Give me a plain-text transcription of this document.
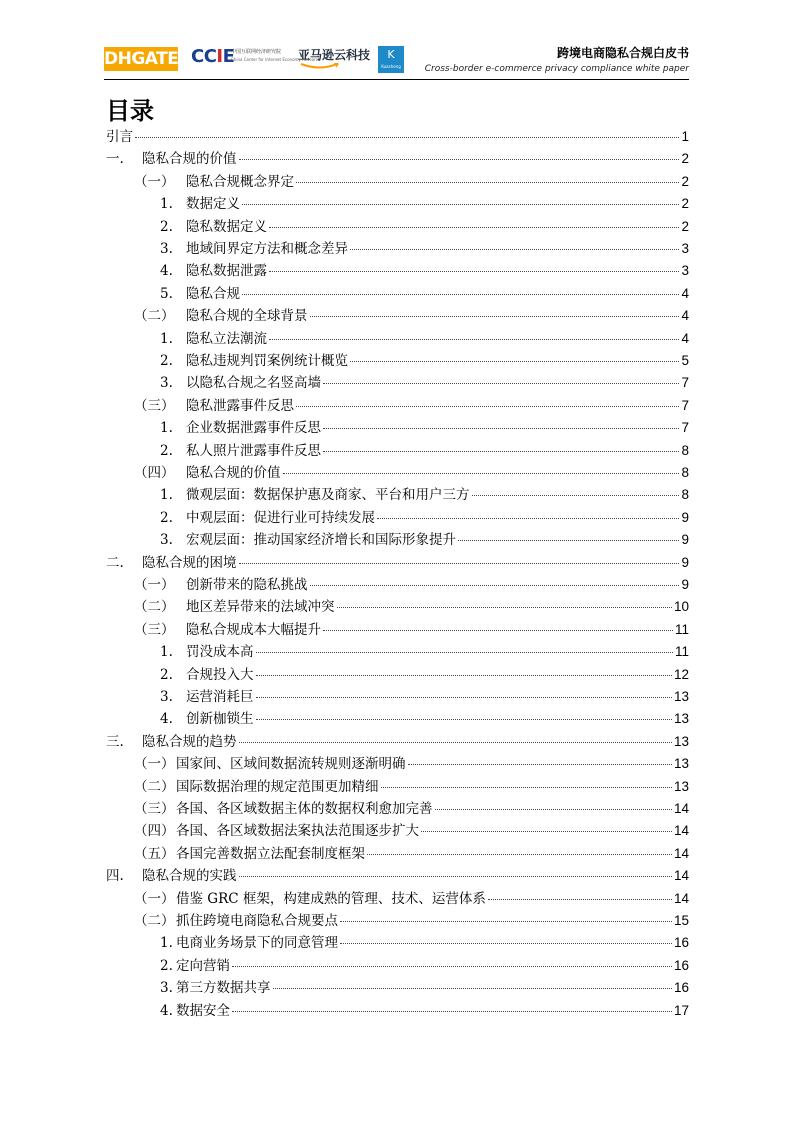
DHGATE CCIE
中国互联网经济研究院
China Center for Internet Economy Research
亚马逊云科技	K
Kuasheng
跨境电商隐私合规白皮书
Cross-border e-commerce privacy compliance white paper
目录
引言	1
一.	隐私合规的价值	2
（一） 隐私合规概念界定	2
1. 数据定义	2
2. 隐私数据定义	2
3. 地域间界定方法和概念差异	3
4. 隐私数据泄露	3
5. 隐私合规	4
（二） 隐私合规的全球背景	4
1. 隐私立法潮流	4
2. 隐私违规判罚案例统计概览	5
3. 以隐私合规之名竖高墙	7
（三） 隐私泄露事件反思	7
1. 企业数据泄露事件反思	7
2. 私人照片泄露事件反思	8
（四） 隐私合规的价值	8
1. 微观层面：数据保护惠及商家、平台和用户三方	8
2. 中观层面：促进行业可持续发展	9
3. 宏观层面：推动国家经济增长和国际形象提升	9
二.	隐私合规的困境	9
（一） 创新带来的隐私挑战	9
（二） 地区差异带来的法域冲突	10
（三） 隐私合规成本大幅提升	11
1. 罚没成本高	11
2. 合规投入大	12
3. 运营消耗巨	13
4. 创新枷锁生	13
三.	隐私合规的趋势	13
（一） 国家间、区域间数据流转规则逐渐明确	13
（二） 国际数据治理的规定范围更加精细	13
（三） 各国、各区域数据主体的数据权利愈加完善	14
（四） 各国、各区域数据法案执法范围逐步扩大	14
（五） 各国完善数据立法配套制度框架	14
四.	隐私合规的实践	14
（一） 借鉴 GRC 框架，构建成熟的管理、技术、运营体系	14
（二） 抓住跨境电商隐私合规要点	15
1. 电商业务场景下的同意管理	16
2. 定向营销	16
3. 第三方数据共享	16
4. 数据安全	17
